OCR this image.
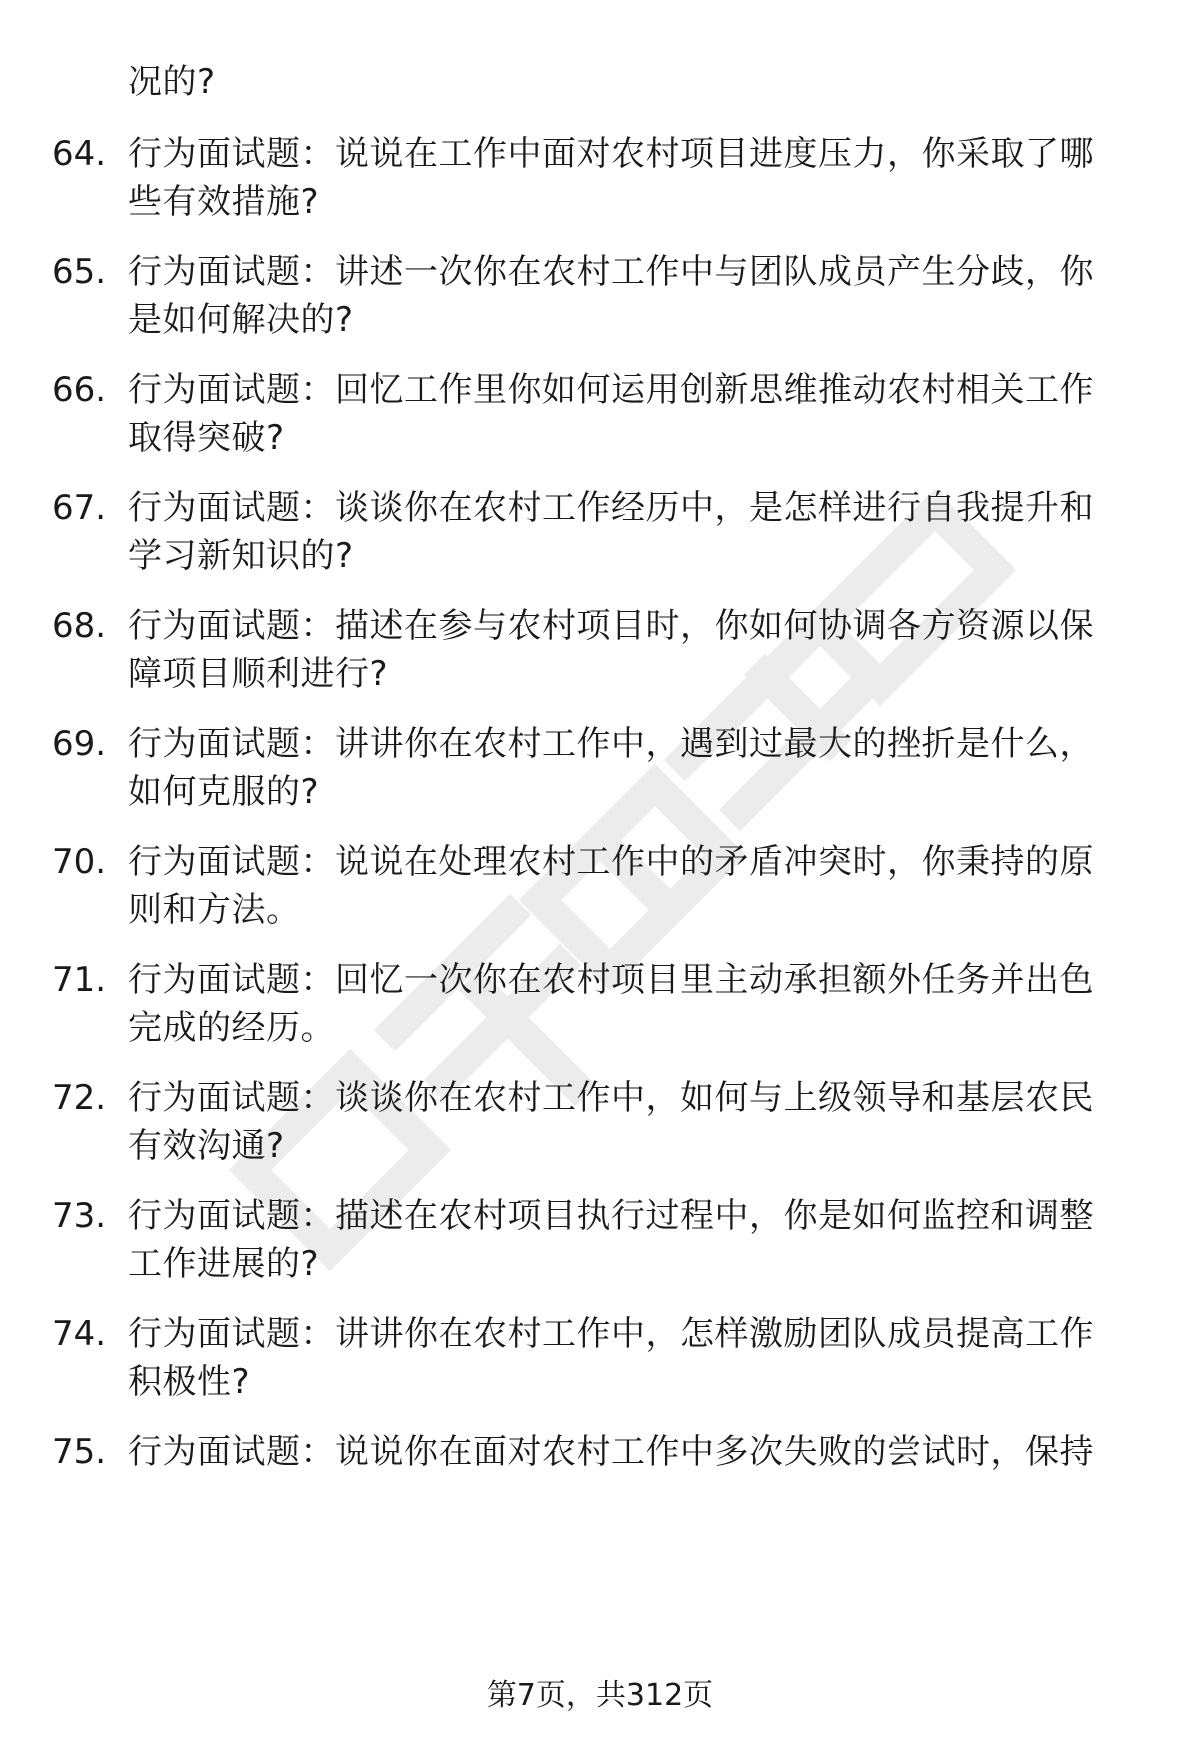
况的?
64. 行为面试题：说说在工作中面对农村项目进度压力，你采取了哪
些有效措施?
65. 行为面试题：讲述一次你在农村工作中与团队成员产生分歧，你
是如何解决的?
66. 行为面试题：回忆工作里你如何运用创新思维推动农村相关工作
取得突破?
67. 行为面试题：谈谈你在农村工作经历中，是怎样进行自我提升和
学习新知识的?
68. 行为面试题：描述在参与农村项目时，你如何协调各方资源以保
障项目顺利进行?
69. 行为面试题：讲讲你在农村工作中，遇到过最大的挫折是什么，
如何克服的?
70. 行为面试题：说说在处理农村工作中的矛盾冲突时，你秉持的原
则和方法。
71. 行为面试题：回忆一次你在农村项目里主动承担额外任务并出色
完成的经历。
72. 行为面试题：谈谈你在农村工作中，如何与上级领导和基层农民
有效沟通?
73. 行为面试题：描述在农村项目执行过程中，你是如何监控和调整
工作进展的?
74. 行为面试题：讲讲你在农村工作中，怎样激励团队成员提高工作
积极性?
75. 行为面试题：说说你在面对农村工作中多次失败的尝试时，保持
第7页，共312页
